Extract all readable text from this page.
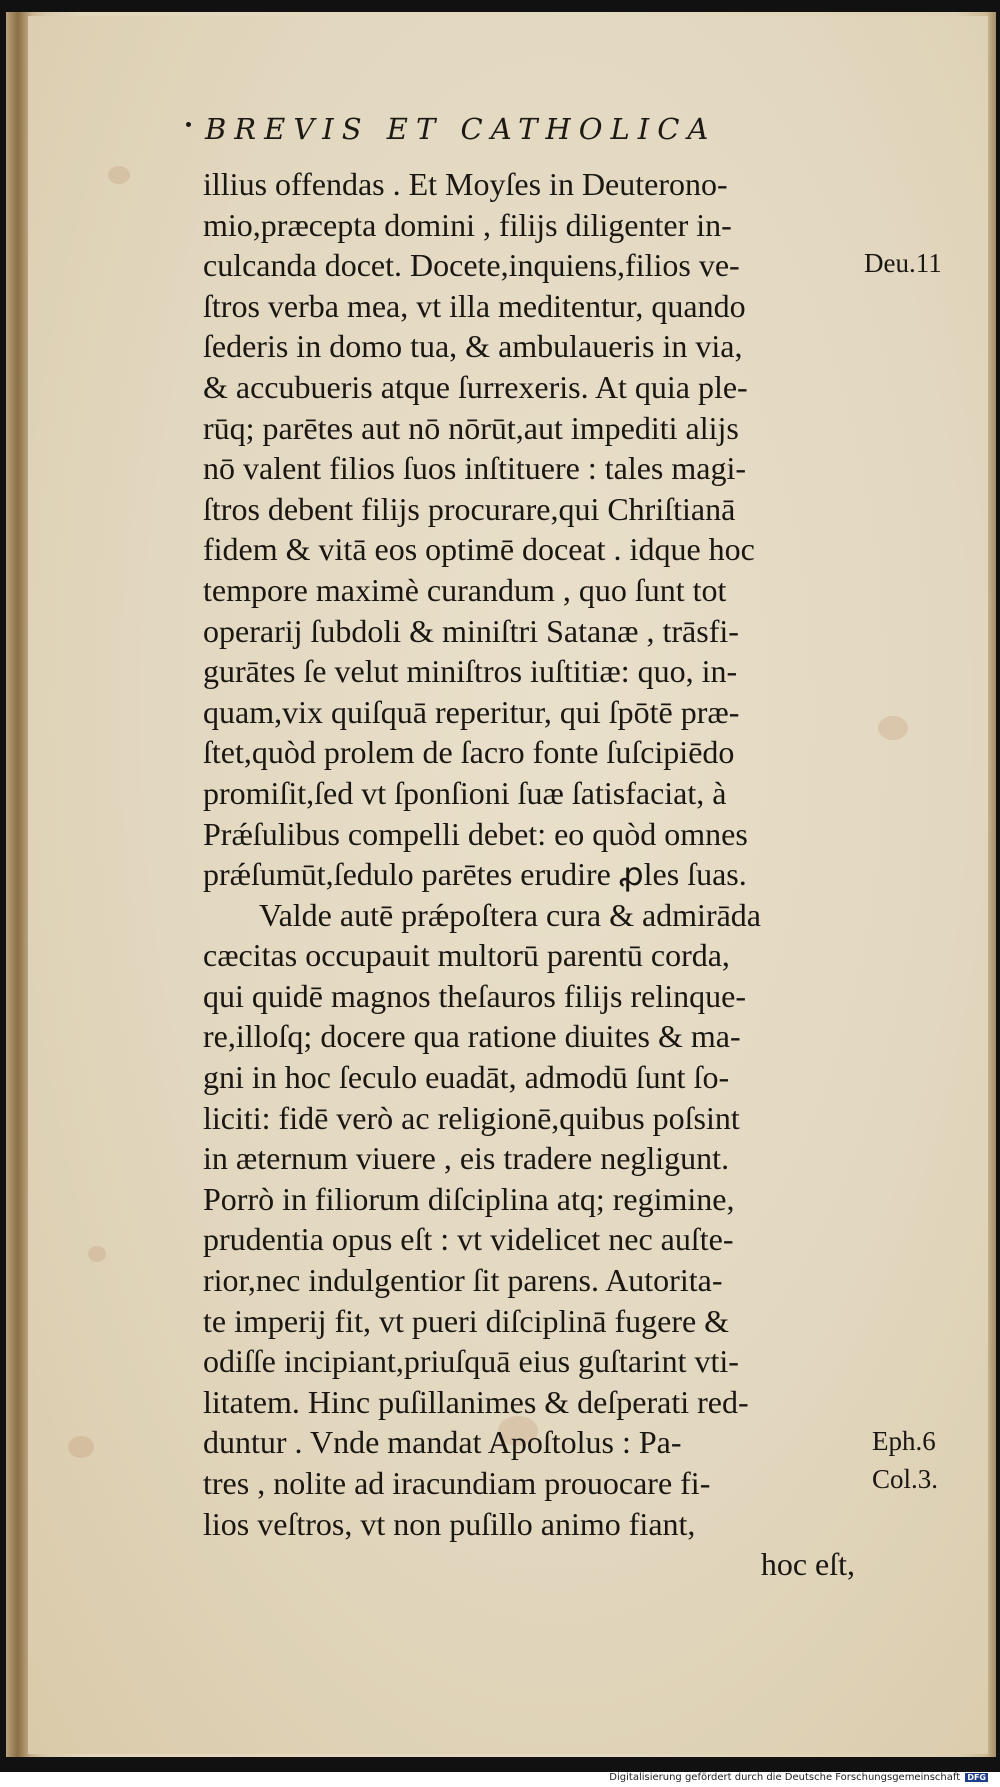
BREVIS ET CATHOLICA
illius offendas . Et Moyſes in Deuterono-
mio,præcepta domini , filijs diligenter in-
culcanda docet. Docete,inquiens,filios ve-
ſtros verba mea, vt illa meditentur, quando
ſederis in domo tua, & ambulaueris in via,
& accubueris atque ſurrexeris. At quia ple-
rūq; parētes aut nō nōrūt,aut impediti alijs
nō valent filios ſuos inſtituere : tales magi-
ſtros debent filijs procurare,qui Chriſtianā
fidem & vitā eos optimē doceat . idque hoc
tempore maximè curandum , quo ſunt tot
operarij ſubdoli & miniſtri Satanæ , trāsfi-
gurātes ſe velut miniſtros iuſtitiæ: quo, in-
quam,vix quiſquā reperitur, qui ſpōtē præ-
ſtet,quòd prolem de ſacro fonte ſuſcipiēdo
promiſit,ſed vt ſponſioni ſuæ ſatisfaciat, à
Prǽſulibus compelli debet: eo quòd omnes
prǽſumūt,ſedulo parētes erudire ꝓles ſuas.
Valde autē prǽpoſtera cura & admirāda
cæcitas occupauit multorū parentū corda,
qui quidē magnos theſauros filijs relinque-
re,illoſq; docere qua ratione diuites & ma-
gni in hoc ſeculo euadāt, admodū ſunt ſo-
liciti: fidē verò ac religionē,quibus poſsint
in æternum viuere , eis tradere negligunt.
Porrò in filiorum diſciplina atq; regimine,
prudentia opus eſt : vt videlicet nec auſte-
rior,nec indulgentior ſit parens. Autorita-
te imperij fit, vt pueri diſciplinā fugere &
odiſſe incipiant,priuſquā eius guſtarint vti-
litatem. Hinc puſillanimes & deſperati red-
duntur . Vnde mandat Apoſtolus : Pa-
tres , nolite ad iracundiam prouocare fi-
lios veſtros, vt non puſillo animo fiant,
hoc eſt,
Deu.11
Eph.6
Col.3.
Digitalisierung gefördert durch die Deutsche Forschungsgemeinschaft DFG
